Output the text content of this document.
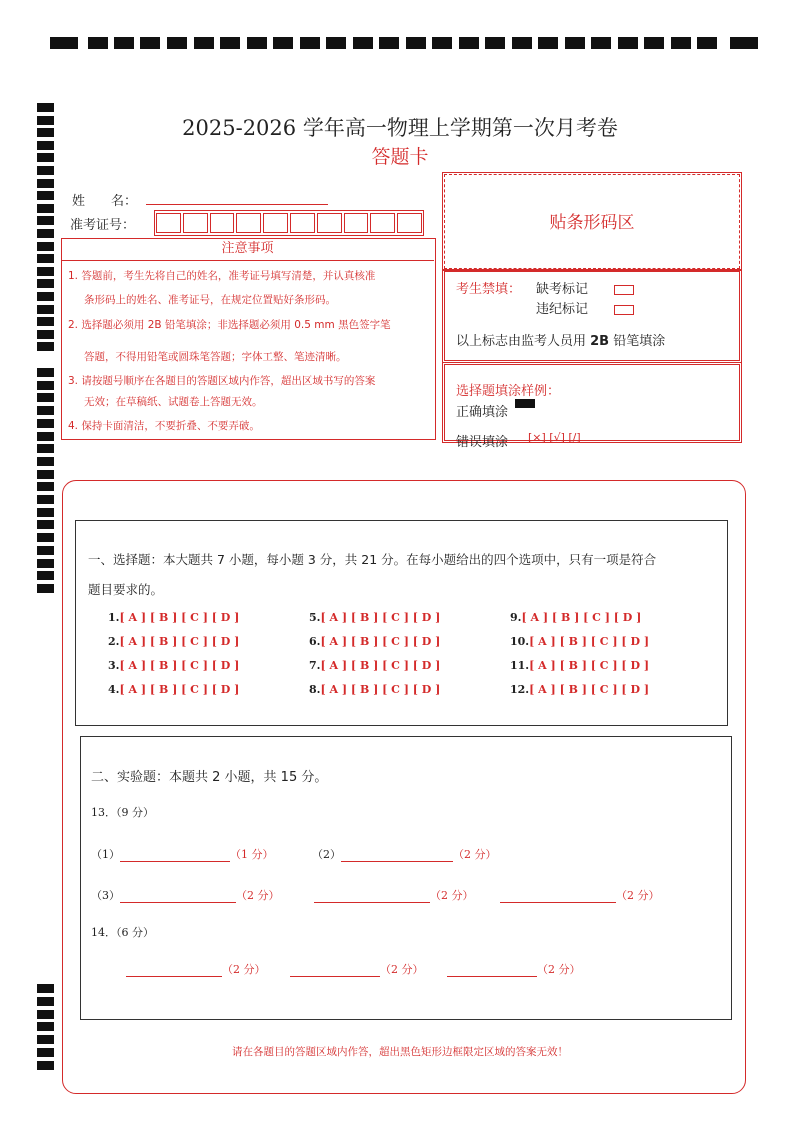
2025-2026 学年高一物理上学期第一次月考卷
答题卡
姓　　名：
准考证号：
注意事项
1. 答题前，考生先将自己的姓名，准考证号填写清楚，并认真核准
条形码上的姓名、准考证号，在规定位置贴好条形码。
2. 选择题必须用 2B 铅笔填涂；非选择题必须用 0.5 mm 黑色签字笔
答题，不得用铅笔或圆珠笔答题；字体工整、笔迹清晰。
3. 请按题号顺序在各题目的答题区域内作答，超出区域书写的答案
无效；在草稿纸、试题卷上答题无效。
4. 保持卡面清洁，不要折叠、不要弄破。
贴条形码区
考生禁填： 缺考标记
违纪标记
以上标志由监考人员用 2B 铅笔填涂
选择题填涂样例：
正确填涂
错误填涂 [×] [√] [/]
一、选择题：本大题共 7 小题，每小题 3 分，共 21 分。在每小题给出的四个选项中，只有一项是符合
题目要求的。
1.[ A ] [ B ] [ C ] [ D ]
2.[ A ] [ B ] [ C ] [ D ]
3.[ A ] [ B ] [ C ] [ D ]
4.[ A ] [ B ] [ C ] [ D ]
5.[ A ] [ B ] [ C ] [ D ]
6.[ A ] [ B ] [ C ] [ D ]
7.[ A ] [ B ] [ C ] [ D ]
8.[ A ] [ B ] [ C ] [ D ]
9.[ A ] [ B ] [ C ] [ D ]
10.[ A ] [ B ] [ C ] [ D ]
11.[ A ] [ B ] [ C ] [ D ]
12.[ A ] [ B ] [ C ] [ D ]
二、实验题：本题共 2 小题，共 15 分。
13．（9 分）
（1）	（1 分）	（2）	（2 分）
（3）	（2 分）	（2 分）	（2 分）
14．（6 分）
（2 分）	（2 分）	（2 分）
请在各题目的答题区域内作答，超出黑色矩形边框限定区域的答案无效！
